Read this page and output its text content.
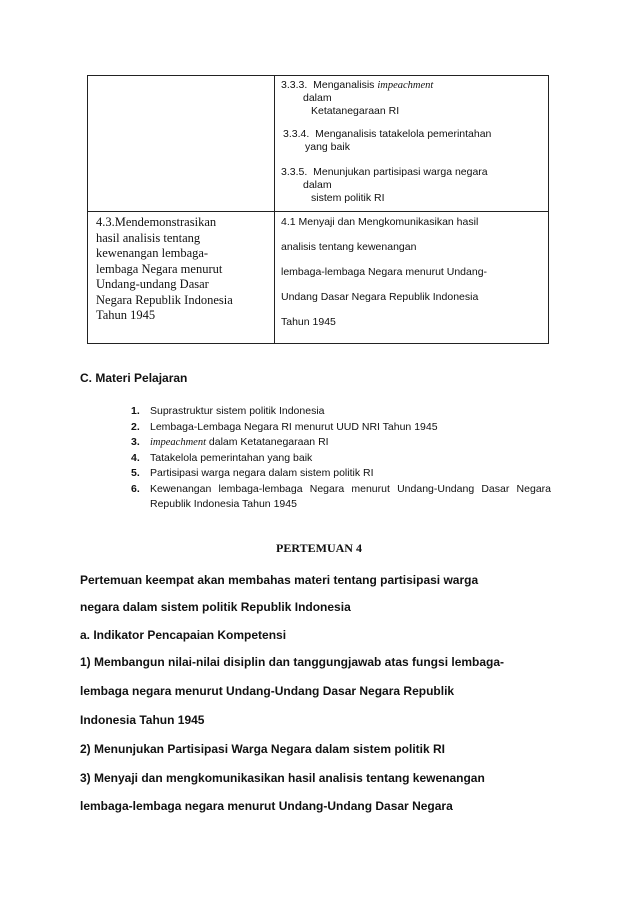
3.3.3. Menganalisis impeachment
dalam
Ketatanegaraan RI
3.3.4. Menganalisis tatakelola pemerintahan
yang baik
3.3.5. Menunjukan partisipasi warga negara
dalam
sistem politik RI
4.3.Mendemonstrasikan
hasil analisis tentang
kewenangan lembaga-
lembaga Negara menurut
Undang-undang Dasar
Negara Republik Indonesia
Tahun 1945
4.1 Menyaji dan Mengkomunikasikan hasil
analisis tentang kewenangan
lembaga-lembaga Negara menurut Undang-
Undang Dasar Negara Republik Indonesia
Tahun 1945
C. Materi Pelajaran
1. Suprastruktur sistem politik Indonesia
2. Lembaga-Lembaga Negara RI menurut UUD NRI Tahun 1945
3. impeachment dalam Ketatanegaraan RI
4. Tatakelola pemerintahan yang baik
5. Partisipasi warga negara dalam sistem politik RI
6. Kewenangan lembaga-lembaga Negara menurut Undang-Undang Dasar Negara Republik Indonesia Tahun 1945
PERTEMUAN 4
Pertemuan keempat akan membahas materi tentang partisipasi warga
negara dalam sistem politik Republik Indonesia
a. Indikator Pencapaian Kompetensi
1) Membangun nilai-nilai disiplin dan tanggungjawab atas fungsi lembaga-
lembaga negara menurut Undang-Undang Dasar Negara Republik
Indonesia Tahun 1945
2) Menunjukan Partisipasi Warga Negara dalam sistem politik RI
3) Menyaji dan mengkomunikasikan hasil analisis tentang kewenangan
lembaga-lembaga negara menurut Undang-Undang Dasar Negara
